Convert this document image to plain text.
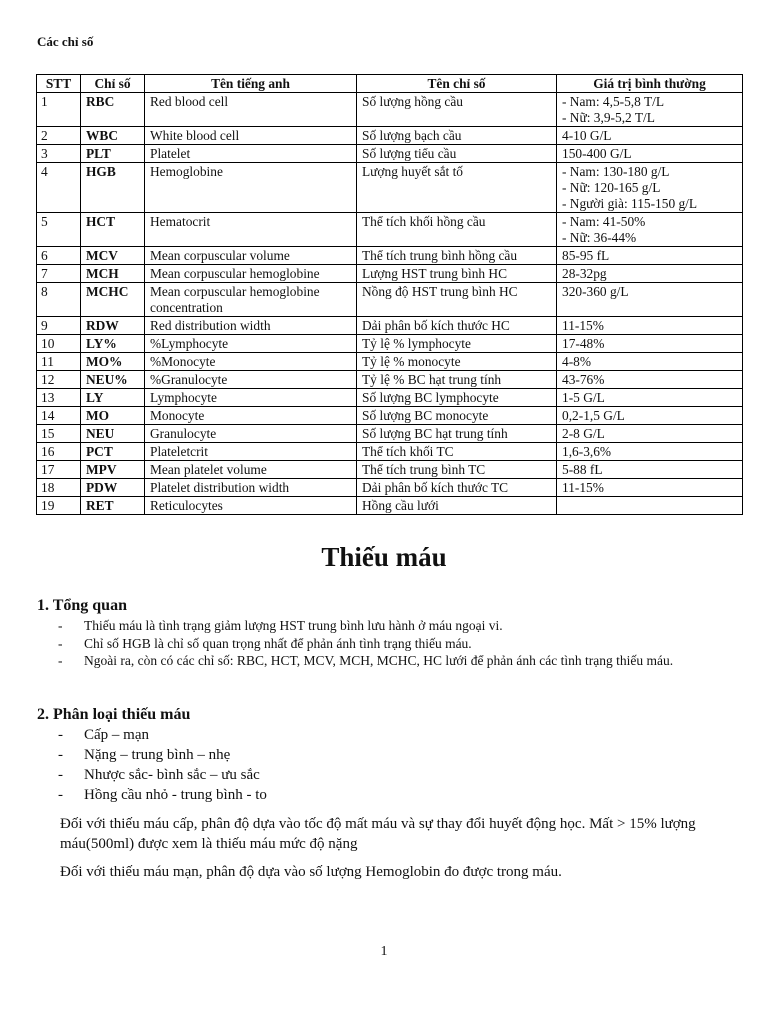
Các chỉ số
STT	Chỉ số	Tên tiếng anh	Tên chỉ số	Giá trị bình thường
1	RBC	Red blood cell	Số lượng hồng cầu	- Nam: 4,5-5,8 T/L
- Nữ: 3,9-5,2 T/L

2	WBC	White blood cell	Số lượng bạch cầu	4-10 G/L

3	PLT	Platelet	Số lượng tiểu cầu	150-400 G/L

4	HGB	Hemoglobine	Lượng huyết sắt tố	- Nam: 130-180 g/L
- Nữ: 120-165 g/L
- Người già: 115-150 g/L

5	HCT	Hematocrit	Thể tích khối hồng cầu	- Nam: 41-50%
- Nữ: 36-44%

6	MCV	Mean corpuscular volume	Thể tích trung bình hồng cầu	85-95 fL

7	MCH	Mean corpuscular hemoglobine	Lượng HST trung bình HC	28-32pg

8	MCHC	Mean corpuscular hemoglobine concentration	Nồng độ HST trung bình HC	320-360 g/L

9	RDW	Red distribution width	Dải phân bố kích thước HC	11-15%

10	LY%	%Lymphocyte	Tỷ lệ % lymphocyte	17-48%

11	MO%	%Monocyte	Tỷ lệ % monocyte	4-8%

12	NEU%	%Granulocyte	Tỷ lệ % BC hạt trung tính	43-76%

13	LY	Lymphocyte	Số lượng BC lymphocyte	1-5 G/L

14	MO	Monocyte	Số lượng BC monocyte	0,2-1,5 G/L

15	NEU	Granulocyte	Số lượng BC hạt trung tính	2-8 G/L

16	PCT	Plateletcrit	Thể tích khối TC	1,6-3,6%

17	MPV	Mean platelet volume	Thể tích trung bình TC	5-88 fL

18	PDW	Platelet distribution width	Dải phân bố kích thước TC	11-15%

19	RET	Reticulocytes	Hồng cầu lưới	
Thiếu máu
1. Tổng quan
- Thiếu máu là tình trạng giảm lượng HST trung bình lưu hành ở máu ngoại vi.
- Chỉ số HGB là chỉ số quan trọng nhất để phản ánh tình trạng thiếu máu.
- Ngoài ra, còn có các chỉ số: RBC, HCT, MCV, MCH, MCHC, HC lưới để phản ánh các tình trạng thiếu máu.
2. Phân loại thiếu máu
- Cấp – mạn
- Nặng – trung bình – nhẹ
- Nhược sắc- bình sắc – ưu sắc
- Hồng cầu nhỏ - trung bình - to
Đối với thiếu máu cấp, phân độ dựa vào tốc độ mất máu và sự thay đổi huyết động học. Mất > 15% lượng máu(500ml) được xem là thiếu máu mức độ nặng
Đối với thiếu máu mạn, phân độ dựa vào số lượng Hemoglobin đo được trong máu.
1
